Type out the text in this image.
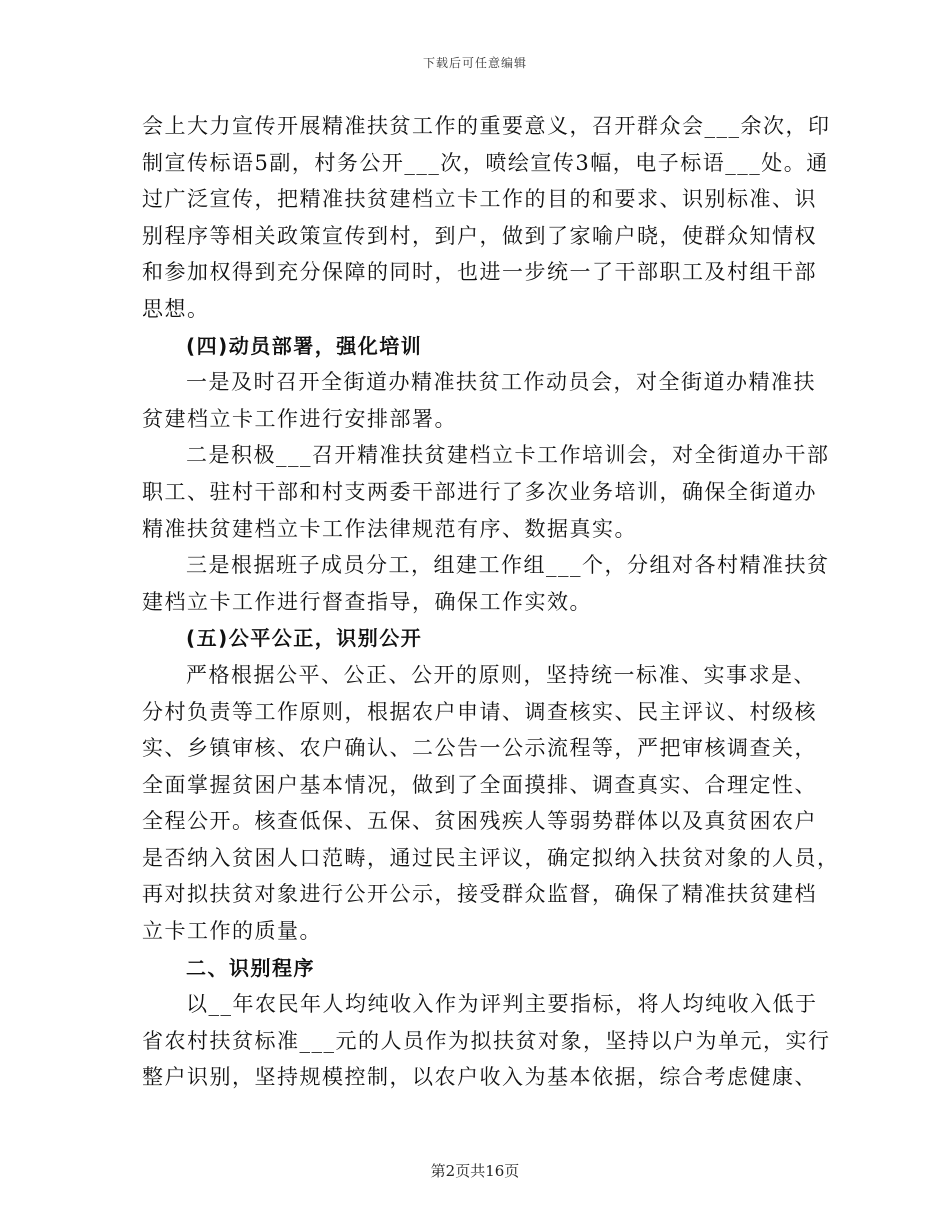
下载后可任意编辑
会上大力宣传开展精准扶贫工作的重要意义，召开群众会___余次，印
制宣传标语5副，村务公开___次，喷绘宣传3幅，电子标语___处。通
过广泛宣传，把精准扶贫建档立卡工作的目的和要求、识别标准、识
别程序等相关政策宣传到村，到户，做到了家喻户晓，使群众知情权
和参加权得到充分保障的同时，也进一步统一了干部职工及村组干部
思想。
(四)动员部署，强化培训
一是及时召开全街道办精准扶贫工作动员会，对全街道办精准扶
贫建档立卡工作进行安排部署。
二是积极___召开精准扶贫建档立卡工作培训会，对全街道办干部
职工、驻村干部和村支两委干部进行了多次业务培训，确保全街道办
精准扶贫建档立卡工作法律规范有序、数据真实。
三是根据班子成员分工，组建工作组___个，分组对各村精准扶贫
建档立卡工作进行督查指导，确保工作实效。
(五)公平公正，识别公开
严格根据公平、公正、公开的原则，坚持统一标准、实事求是、
分村负责等工作原则，根据农户申请、调查核实、民主评议、村级核
实、乡镇审核、农户确认、二公告一公示流程等，严把审核调查关，
全面掌握贫困户基本情况，做到了全面摸排、调查真实、合理定性、
全程公开。核查低保、五保、贫困残疾人等弱势群体以及真贫困农户
是否纳入贫困人口范畴，通过民主评议，确定拟纳入扶贫对象的人员，
再对拟扶贫对象进行公开公示，接受群众监督，确保了精准扶贫建档
立卡工作的质量。
二、识别程序
以__年农民年人均纯收入作为评判主要指标，将人均纯收入低于
省农村扶贫标准___元的人员作为拟扶贫对象，坚持以户为单元，实行
整户识别，坚持规模控制，以农户收入为基本依据，综合考虑健康、
第2页共16页
